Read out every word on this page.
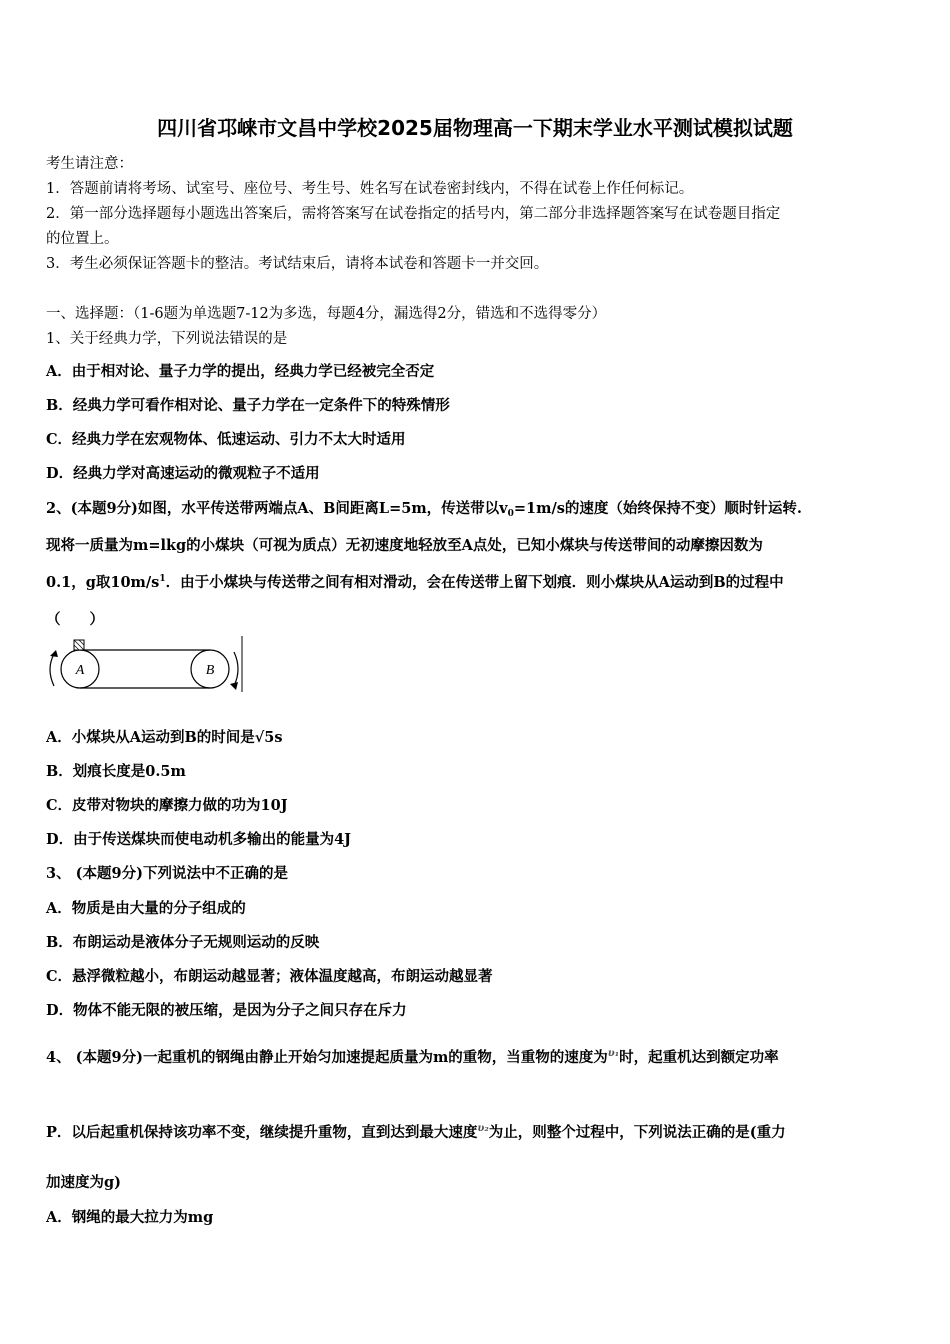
四川省邛崃市文昌中学校2025届物理高一下期末学业水平测试模拟试题
考生请注意：
1．答题前请将考场、试室号、座位号、考生号、姓名写在试卷密封线内，不得在试卷上作任何标记。
2．第一部分选择题每小题选出答案后，需将答案写在试卷指定的括号内，第二部分非选择题答案写在试卷题目指定
的位置上。
3．考生必须保证答题卡的整洁。考试结束后，请将本试卷和答题卡一并交回。
一、选择题：（1-6题为单选题7-12为多选，每题4分，漏选得2分，错选和不选得零分）
1、关于经典力学，下列说法错误的是
A．由于相对论、量子力学的提出，经典力学已经被完全否定
B．经典力学可看作相对论、量子力学在一定条件下的特殊情形
C．经典力学在宏观物体、低速运动、引力不太大时适用
D．经典力学对高速运动的微观粒子不适用
2、(本题9分)如图，水平传送带两端点A、B间距离L=5m，传送带以$v_0=1m/s$的速度（始终保持不变）顺时针运转.
现将一质量为m=lkg的小煤块（可视为质点）无初速度地轻放至A点处，已知小煤块与传送带间的动摩擦因数为
0.1，g取$10m/s^1$．由于小煤块与传送带之间有相对滑动，会在传送带上留下划痕．则小煤块从A运动到B的过程中
（　　）
A	B
A．小煤块从A运动到B的时间是√5s
B．划痕长度是0.5m
C．皮带对物块的摩擦力做的功为10J
D．由于传送煤块而使电动机多输出的能量为4J
3、 (本题9分)下列说法中不正确的是
A．物质是由大量的分子组成的
B．布朗运动是液体分子无规则运动的反映
C．悬浮微粒越小，布朗运动越显著；液体温度越高，布朗运动越显著
D．物体不能无限的被压缩，是因为分子之间只存在斥力
4、 (本题9分)一起重机的钢绳由静止开始匀加速提起质量为m的重物，当重物的速度为$^{\upsilon_1}$时，起重机达到额定功率
P．以后起重机保持该功率不变，继续提升重物，直到达到最大速度$^{\upsilon_2}$为止，则整个过程中，下列说法正确的是(重力
加速度为g)
A．钢绳的最大拉力为mg
